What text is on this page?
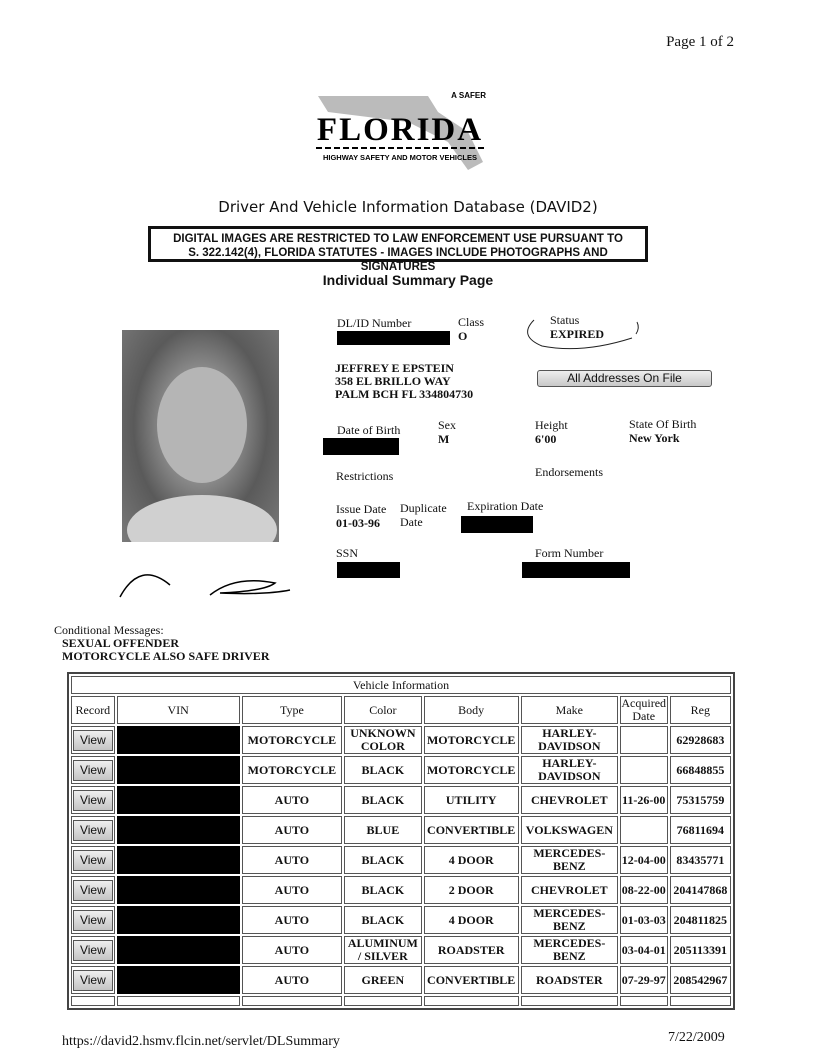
Page 1 of 2
A SAFER
FLORIDA
HIGHWAY SAFETY AND MOTOR VEHICLES
Driver And Vehicle Information Database (DAVID2)
DIGITAL IMAGES ARE RESTRICTED TO LAW ENFORCEMENT USE PURSUANT TO
S. 322.142(4), FLORIDA STATUTES - IMAGES INCLUDE PHOTOGRAPHS AND SIGNATURES
Individual Summary Page
DL/ID Number	Class
O
Status
EXPIRED
JEFFREY E EPSTEIN
358 EL BRILLO WAY
PALM BCH FL 334804730
All Addresses On File
Date of Birth	Sex
M
Height
6'00
State Of Birth
New York
Restrictions	Endorsements
Issue Date
01-03-96
Duplicate
Date
Expiration Date
SSN	Form Number
Conditional Messages:
SEXUAL OFFENDER
MOTORCYCLE ALSO SAFE DRIVER
Vehicle Information							
Record	VIN	Type	Color	Body	Make	Acquired Date	Reg
View		MOTORCYCLE	UNKNOWN COLOR	MOTORCYCLE	HARLEY-DAVIDSON		62928683
View		MOTORCYCLE	BLACK	MOTORCYCLE	HARLEY-DAVIDSON		66848855
View		AUTO	BLACK	UTILITY	CHEVROLET	11-26-00	75315759
View		AUTO	BLUE	CONVERTIBLE	VOLKSWAGEN		76811694
View		AUTO	BLACK	4 DOOR	MERCEDES-BENZ	12-04-00	83435771
View		AUTO	BLACK	2 DOOR	CHEVROLET	08-22-00	204147868
View		AUTO	BLACK	4 DOOR	MERCEDES-BENZ	01-03-03	204811825
View		AUTO	ALUMINUM / SILVER	ROADSTER	MERCEDES-BENZ	03-04-01	205113391
View		AUTO	GREEN	CONVERTIBLE	ROADSTER	07-29-97	208542967

https://david2.hsmv.flcin.net/servlet/DLSummary	7/22/2009
